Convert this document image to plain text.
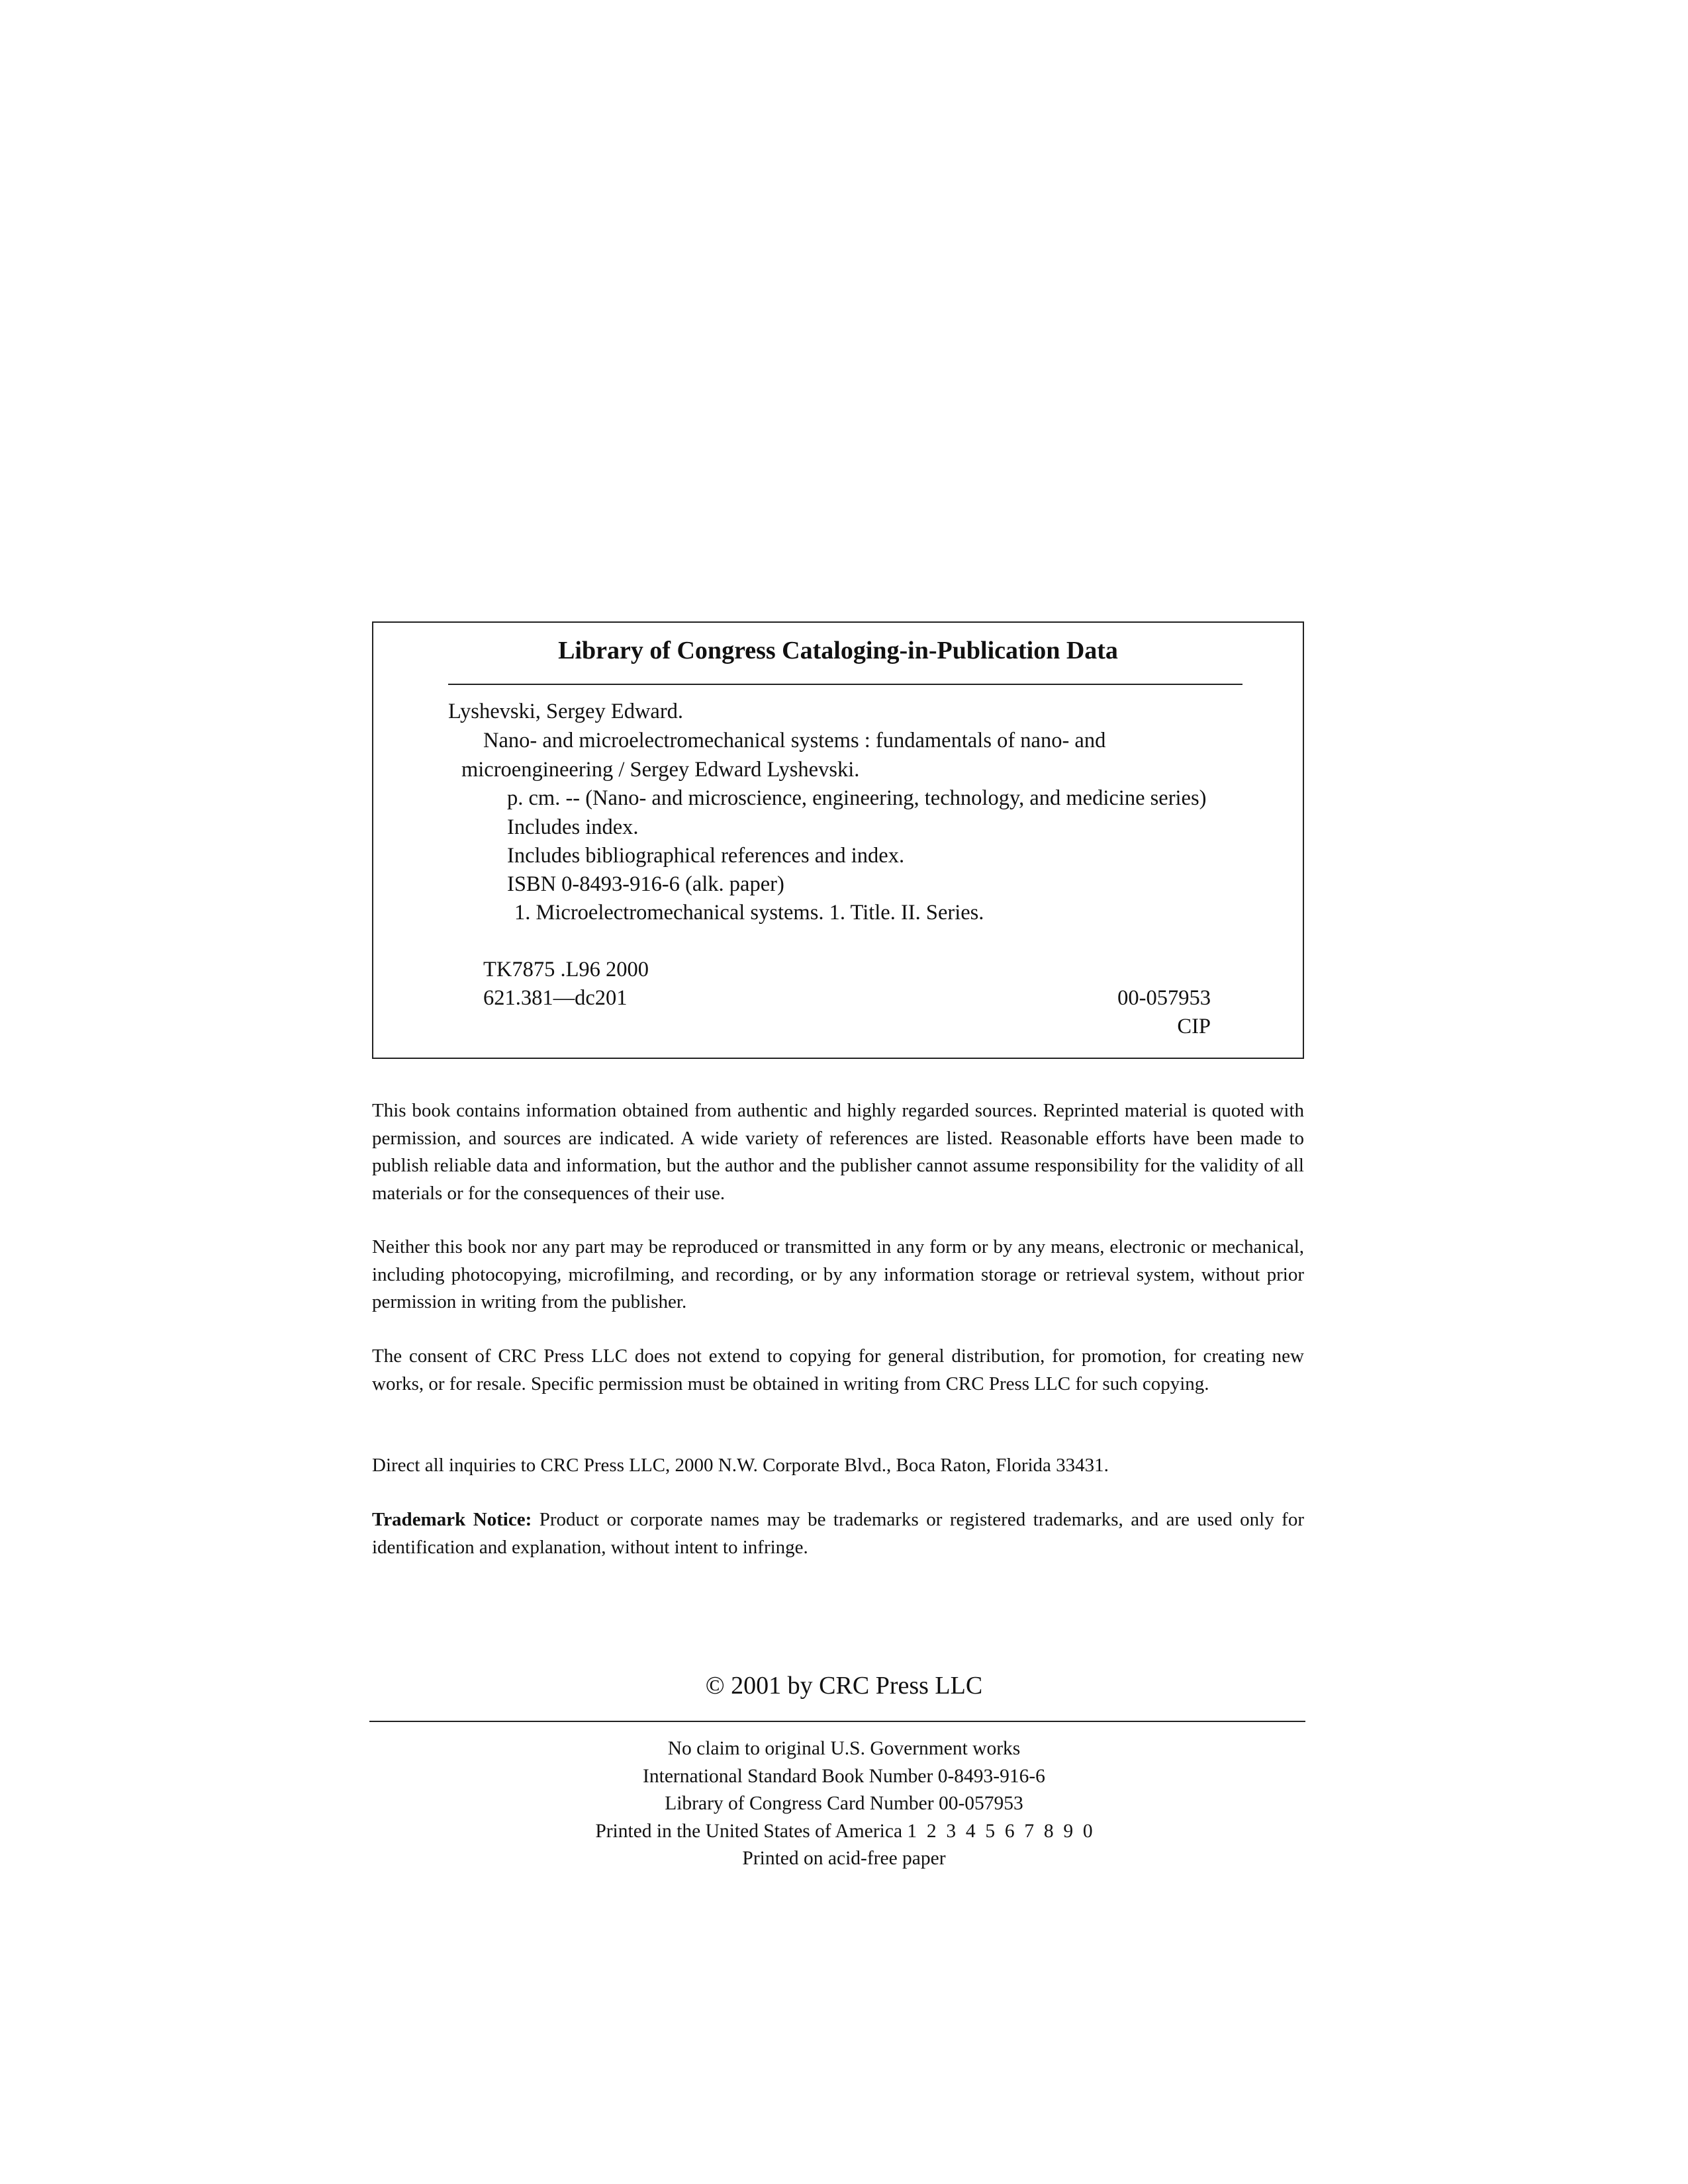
Library of Congress Cataloging-in-Publication Data
Lyshevski, Sergey Edward.
Nano- and microelectromechanical systems : fundamentals of nano- and
microengineering / Sergey Edward Lyshevski.
p. cm. -- (Nano- and microscience, engineering, technology, and medicine series)
Includes index.
Includes bibliographical references and index.
ISBN 0-8493-916-6 (alk. paper)
1. Microelectromechanical systems. 1. Title. II. Series.
TK7875 .L96 2000
621.381—dc201	00-057953
CIP

This book contains information obtained from authentic and highly regarded sources. Reprinted material is quoted with permission, and sources are indicated. A wide variety of references are listed. Reasonable efforts have been made to publish reliable data and information, but the author and the publisher cannot assume responsibility for the validity of all materials or for the consequences of their use.

Neither this book nor any part may be reproduced or transmitted in any form or by any means, electronic or mechanical, including photocopying, microfilming, and recording, or by any information storage or retrieval system, without prior permission in writing from the publisher.

The consent of CRC Press LLC does not extend to copying for general distribution, for promotion, for creating new works, or for resale. Specific permission must be obtained in writing from CRC Press LLC for such copying.

Direct all inquiries to CRC Press LLC, 2000 N.W. Corporate Blvd., Boca Raton, Florida 33431.

Trademark Notice: Product or corporate names may be trademarks or registered trademarks, and are used only for identification and explanation, without intent to infringe.

© 2001 by CRC Press LLC
No claim to original U.S. Government works
International Standard Book Number 0-8493-916-6
Library of Congress Card Number 00-057953
Printed in the United States of America 1  2  3  4  5  6  7  8  9  0
Printed on acid-free paper
